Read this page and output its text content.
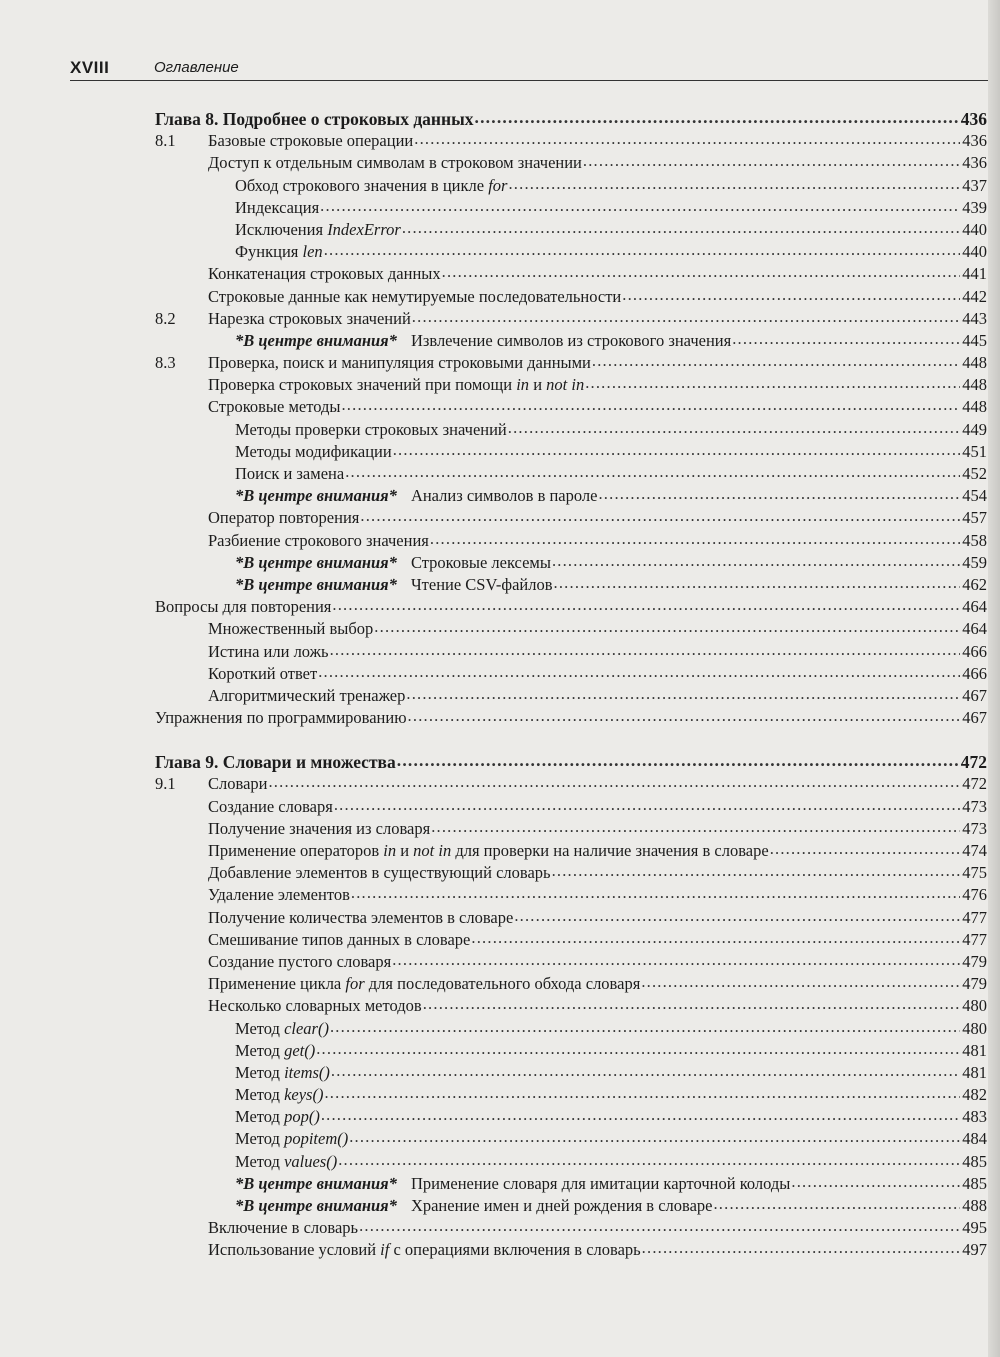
XVIII	Оглавление
Глава 8. Подробнее о строковых данных .....	436
8.1	Базовые строковые операции .....	436
Доступ к отдельным символам в строковом значении .....	436
Обход строкового значения в цикле for .....	437
Индексация .....	439
Исключения IndexError .....	440
Функция len .....	440
Конкатенация строковых данных .....	441
Строковые данные как немутируемые последовательности .....	442
8.2	Нарезка строковых значений .....	443
*В центре внимания* Извлечение символов из строкового значения .....	445
8.3	Проверка, поиск и манипуляция строковыми данными .....	448
Проверка строковых значений при помощи in и not in .....	448
Строковые методы .....	448
Методы проверки строковых значений .....	449
Методы модификации .....	451
Поиск и замена .....	452
*В центре внимания* Анализ символов в пароле .....	454
Оператор повторения .....	457
Разбиение строкового значения .....	458
*В центре внимания* Строковые лексемы .....	459
*В центре внимания* Чтение CSV-файлов .....	462
Вопросы для повторения .....	464
Множественный выбор .....	464
Истина или ложь .....	466
Короткий ответ .....	466
Алгоритмический тренажер .....	467
Упражнения по программированию .....	467
Глава 9. Словари и множества .....	472
9.1	Словари .....	472
Создание словаря .....	473
Получение значения из словаря .....	473
Применение операторов in и not in для проверки на наличие значения в словаре .....	474
Добавление элементов в существующий словарь .....	475
Удаление элементов .....	476
Получение количества элементов в словаре .....	477
Смешивание типов данных в словаре .....	477
Создание пустого словаря .....	479
Применение цикла for для последовательного обхода словаря .....	479
Несколько словарных методов .....	480
Метод clear() .....	480
Метод get() .....	481
Метод items() .....	481
Метод keys() .....	482
Метод pop() .....	483
Метод popitem() .....	484
Метод values() .....	485
*В центре внимания* Применение словаря для имитации карточной колоды .....	485
*В центре внимания* Хранение имен и дней рождения в словаре .....	488
Включение в словарь .....	495
Использование условий if с операциями включения в словарь .....	497
